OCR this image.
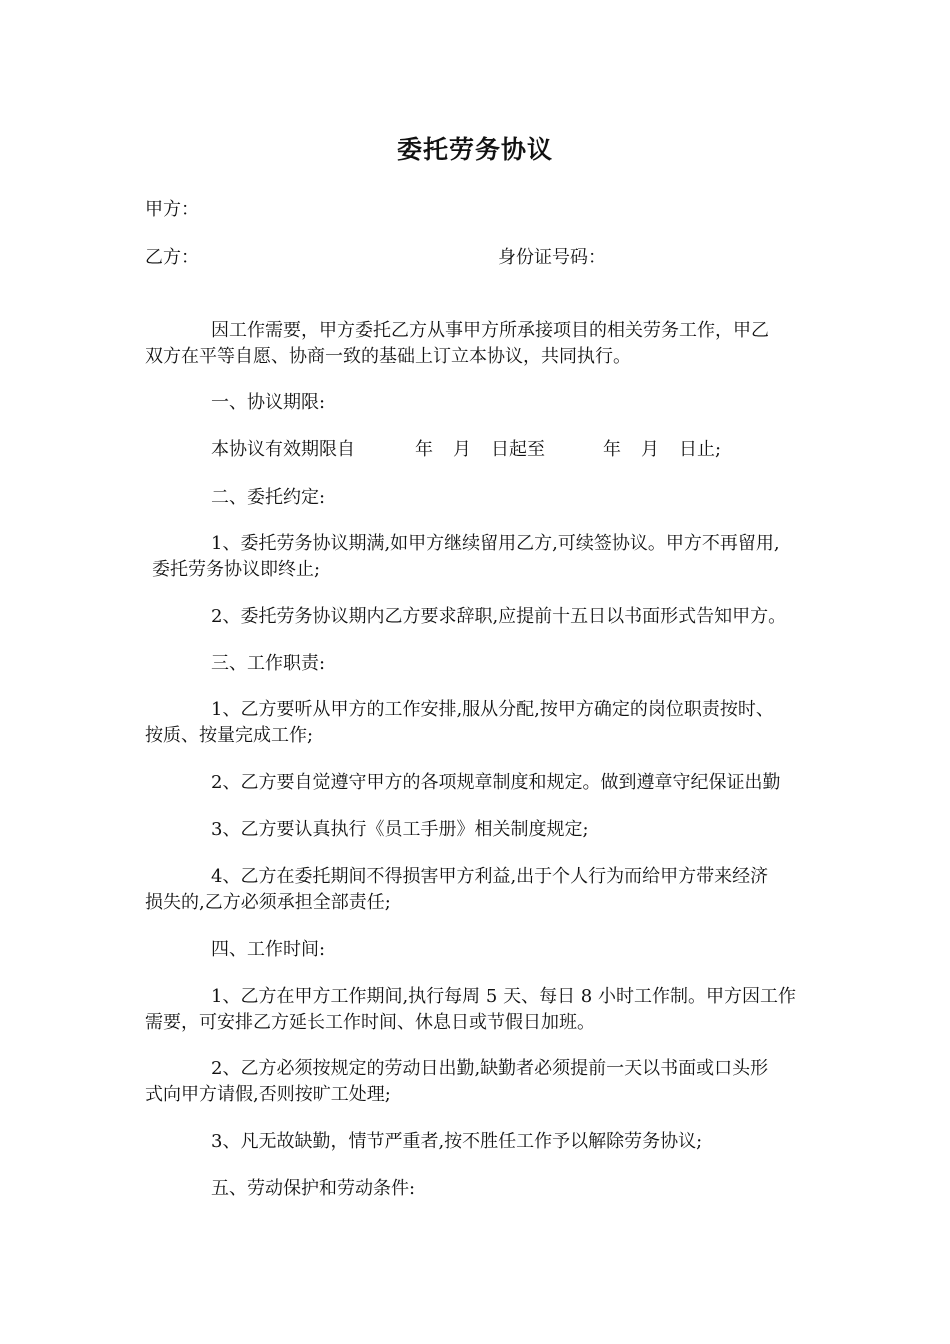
委托劳务协议
甲方：
乙方：	身份证号码：
因工作需要，甲方委托乙方从事甲方所承接项目的相关劳务工作，甲乙
双方在平等自愿、协商一致的基础上订立本协议，共同执行。
一、协议期限:
本协议有效期限自	年 月 日起至	年 月 日止;
二、委托约定:
1、委托劳务协议期满,如甲方继续留用乙方,可续签协议。甲方不再留用,
委托劳务协议即终止;
2、委托劳务协议期内乙方要求辞职,应提前十五日以书面形式告知甲方。
三、工作职责:
1、乙方要听从甲方的工作安排,服从分配,按甲方确定的岗位职责按时、
按质、按量完成工作;
2、乙方要自觉遵守甲方的各项规章制度和规定。做到遵章守纪保证出勤
3、乙方要认真执行《员工手册》相关制度规定;
4、乙方在委托期间不得损害甲方利益,出于个人行为而给甲方带来经济
损失的,乙方必须承担全部责任;
四、工作时间:
1、乙方在甲方工作期间,执行每周 5 天、每日 8 小时工作制。甲方因工作
需要，可安排乙方延长工作时间、休息日或节假日加班。
2、乙方必须按规定的劳动日出勤,缺勤者必须提前一天以书面或口头形
式向甲方请假,否则按旷工处理;
3、凡无故缺勤，情节严重者,按不胜任工作予以解除劳务协议;
五、劳动保护和劳动条件:
